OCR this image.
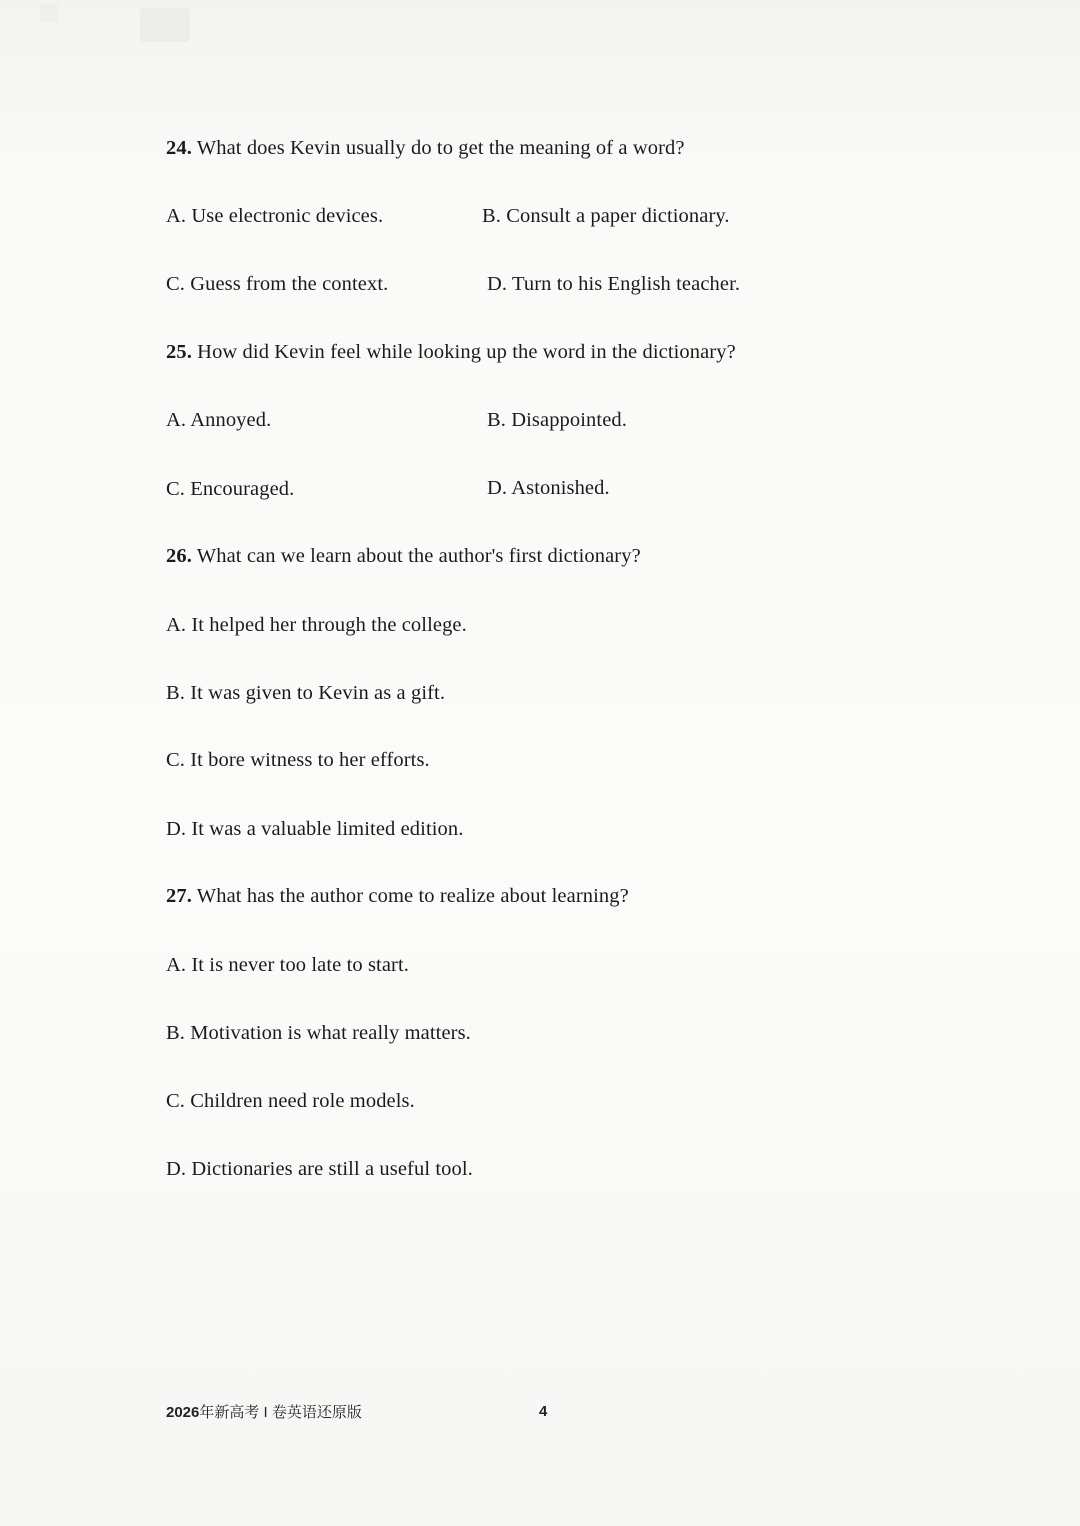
24. What does Kevin usually do to get the meaning of a word?
A. Use electronic devices.	B. Consult a paper dictionary.
C. Guess from the context.	D. Turn to his English teacher.
25. How did Kevin feel while looking up the word in the dictionary?
A. Annoyed.	B. Disappointed.
C. Encouraged.	D. Astonished.
26. What can we learn about the author's first dictionary?
A. It helped her through the college.
B. It was given to Kevin as a gift.
C. It bore witness to her efforts.
D. It was a valuable limited edition.
27. What has the author come to realize about learning?
A. It is never too late to start.
B. Motivation is what really matters.
C. Children need role models.
D. Dictionaries are still a useful tool.
2026年新高考 I 卷英语还原版	4
